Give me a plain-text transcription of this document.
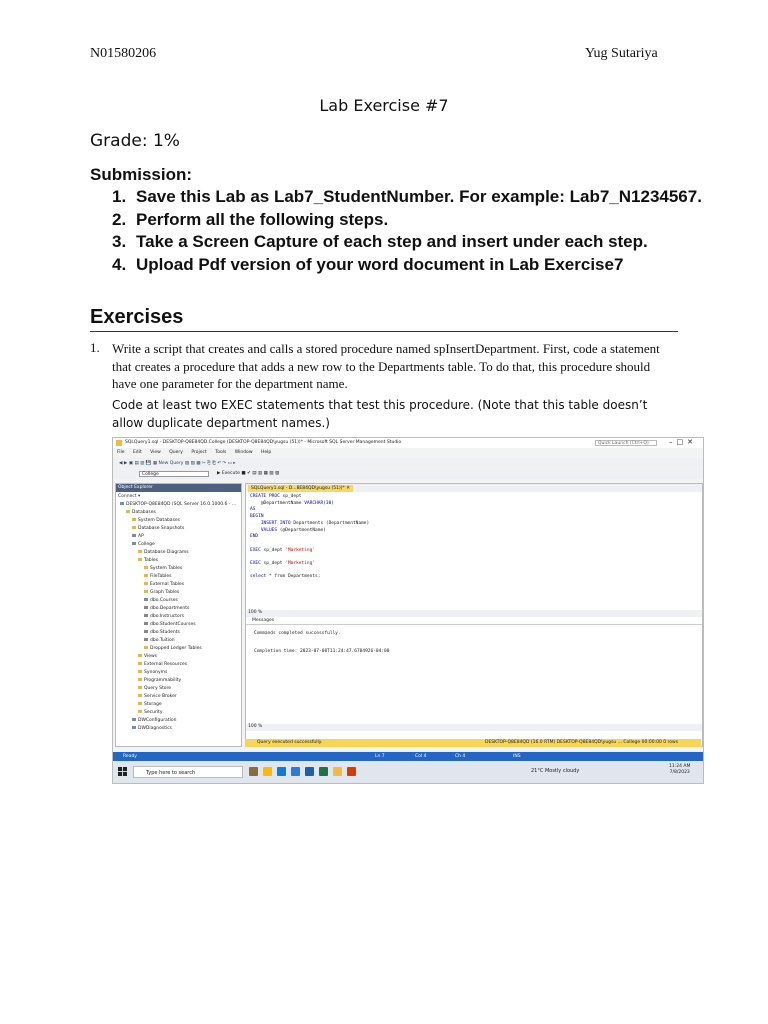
N01580206	Yug Sutariya
Lab Exercise #7
Grade: 1%
Submission:
1. Save this Lab as Lab7_StudentNumber. For example: Lab7_N1234567.
2. Perform all the following steps.
3. Take a Screen Capture of each step and insert under each step.
4. Upload Pdf version of your word document in Lab Exercise7
Exercises
1. Write a script that creates and calls a stored procedure named spInsertDepartment. First, code a statement that creates a procedure that adds a new row to the Departments table. To do that, this procedure should have one parameter for the department name.
Code at least two EXEC statements that test this procedure. (Note that this table doesn’t allow duplicate department names.)
SQLQuery1.sql - DESKTOP-Q8E84QD.College (DESKTOP-Q8E84QD\yugsu (51))* - Microsoft SQL Server Management Studio	Quick Launch (Ctrl+Q)	–□✕
File Edit View Query Project Tools Window Help
◀ ▶ ▣ ▤ ▥ 💾 ▦ New Query ▧ ▨ ▩ ✂ ⎘ ⎗ ↶ ↷ ▭ ▸
College	▶ Execute ■ ✔ ▤ ▥ ▦ ▧ ▨
Object Explorer
Connect ▾
DESKTOP-Q8E84QD (SQL Server 16.0.1000.6 - ...
Databases
System Databases
Database Snapshots
AP
College
Database Diagrams
Tables
System Tables
FileTables
External Tables
Graph Tables
dbo.Courses
dbo.Departments
dbo.Instructors
dbo.StudentCourses
dbo.Students
dbo.Tuition
Dropped Ledger Tables
Views
External Resources
Synonyms
Programmability
Query Store
Service Broker
Storage
Security
DWConfiguration
DWDiagnostics
SQLQuery1.sql - D...8E84QD\yugsu (51))* ✕
CREATE PROC sp_dept
@DepartmentName VARCHAR(30)
AS
BEGIN
INSERT INTO Departments (DepartmentName)
VALUES (@DepartmentName)
END

EXEC sp_dept 'Marketing'

EXEC sp_dept 'Marketing'

select * from Departments;
100 %
Messages
Commands completed successfully.

Completion time: 2023-07-08T11:24:47.6784926-04:00
100 %
Query executed successfully.	DESKTOP-Q8E84QD (16.0 RTM) DESKTOP-Q8E84QD\yugsu ... College 00:00:00 0 rows
Ready	Ln 7	Col 4	Ch 4	INS
Type here to search	21°C Mostly cloudy
11:24 AM
7/8/2023
